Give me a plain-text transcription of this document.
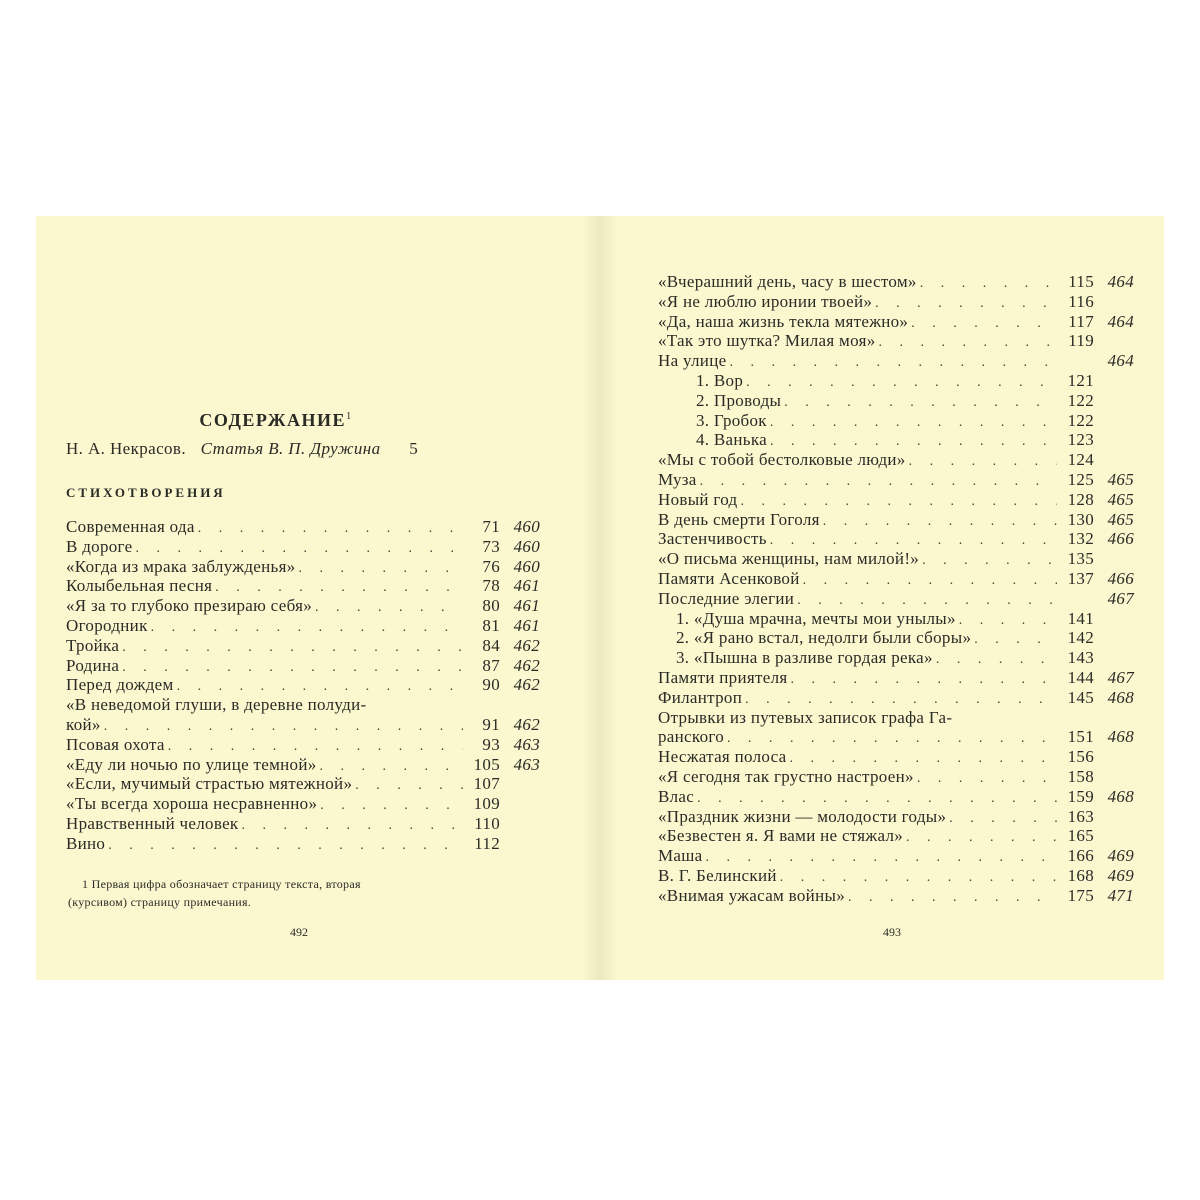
СОДЕРЖАНИЕ$^1$
Н. А. Некрасов. Статья В. П. Дружина 5
СТИХОТВОРЕНИЯ
Современная ода . . .	71 460
В дороге . . .	73 460
«Когда из мрака заблужденья» . . .	76 460
Колыбельная песня . . .	78 461
«Я за то глубоко презираю себя» . . .	80 461
Огородник . . .	81 461
Тройка . . .	84 462
Родина . . .	87 462
Перед дождем . . .	90 462
«В неведомой глуши, в деревне полуди-
кой» . . .	91 462
Псовая охота . . .	93 463
«Еду ли ночью по улице темной» . . .	105 463
«Если, мучимый страстью мятежной» . . .	107
«Ты всегда хороша несравненно» . . .	109
Нравственный человек . . .	110
Вино . . .	112
1 Первая цифра обозначает страницу текста, вторая
(курсивом) страницу примечания.
492
«Вчерашний день, часу в шестом» . . .	115 464
«Я не люблю иронии твоей» . . .	116
«Да, наша жизнь текла мятежно» . . .	117 464
«Так это шутка? Милая моя» . . .	119
На улице . . .	464
1. Вор . . .	121
2. Проводы . . .	122
3. Гробок . . .	122
4. Ванька . . .	123
«Мы с тобой бестолковые люди» . . .	124
Муза . . .	125 465
Новый год . . .	128 465
В день смерти Гоголя . . .	130 465
Застенчивость . . .	132 466
«О письма женщины, нам милой!» . . .	135
Памяти Асенковой . . .	137 466
Последние элегии . . .	467
1. «Душа мрачна, мечты мои унылы» . . .	141
2. «Я рано встал, недолги были сборы» . . .	142
3. «Пышна в разливе гордая река» . . .	143
Памяти приятеля . . .	144 467
Филантроп . . .	145 468
Отрывки из путевых записок графа Га-
ранского . . .	151 468
Несжатая полоса . . .	156
«Я сегодня так грустно настроен» . . .	158
Влас . . .	159 468
«Праздник жизни — молодости годы» . . .	163
«Безвестен я. Я вами не стяжал» . . .	165
Маша . . .	166 469
В. Г. Белинский . . .	168 469
«Внимая ужасам войны» . . .	175 471
493
